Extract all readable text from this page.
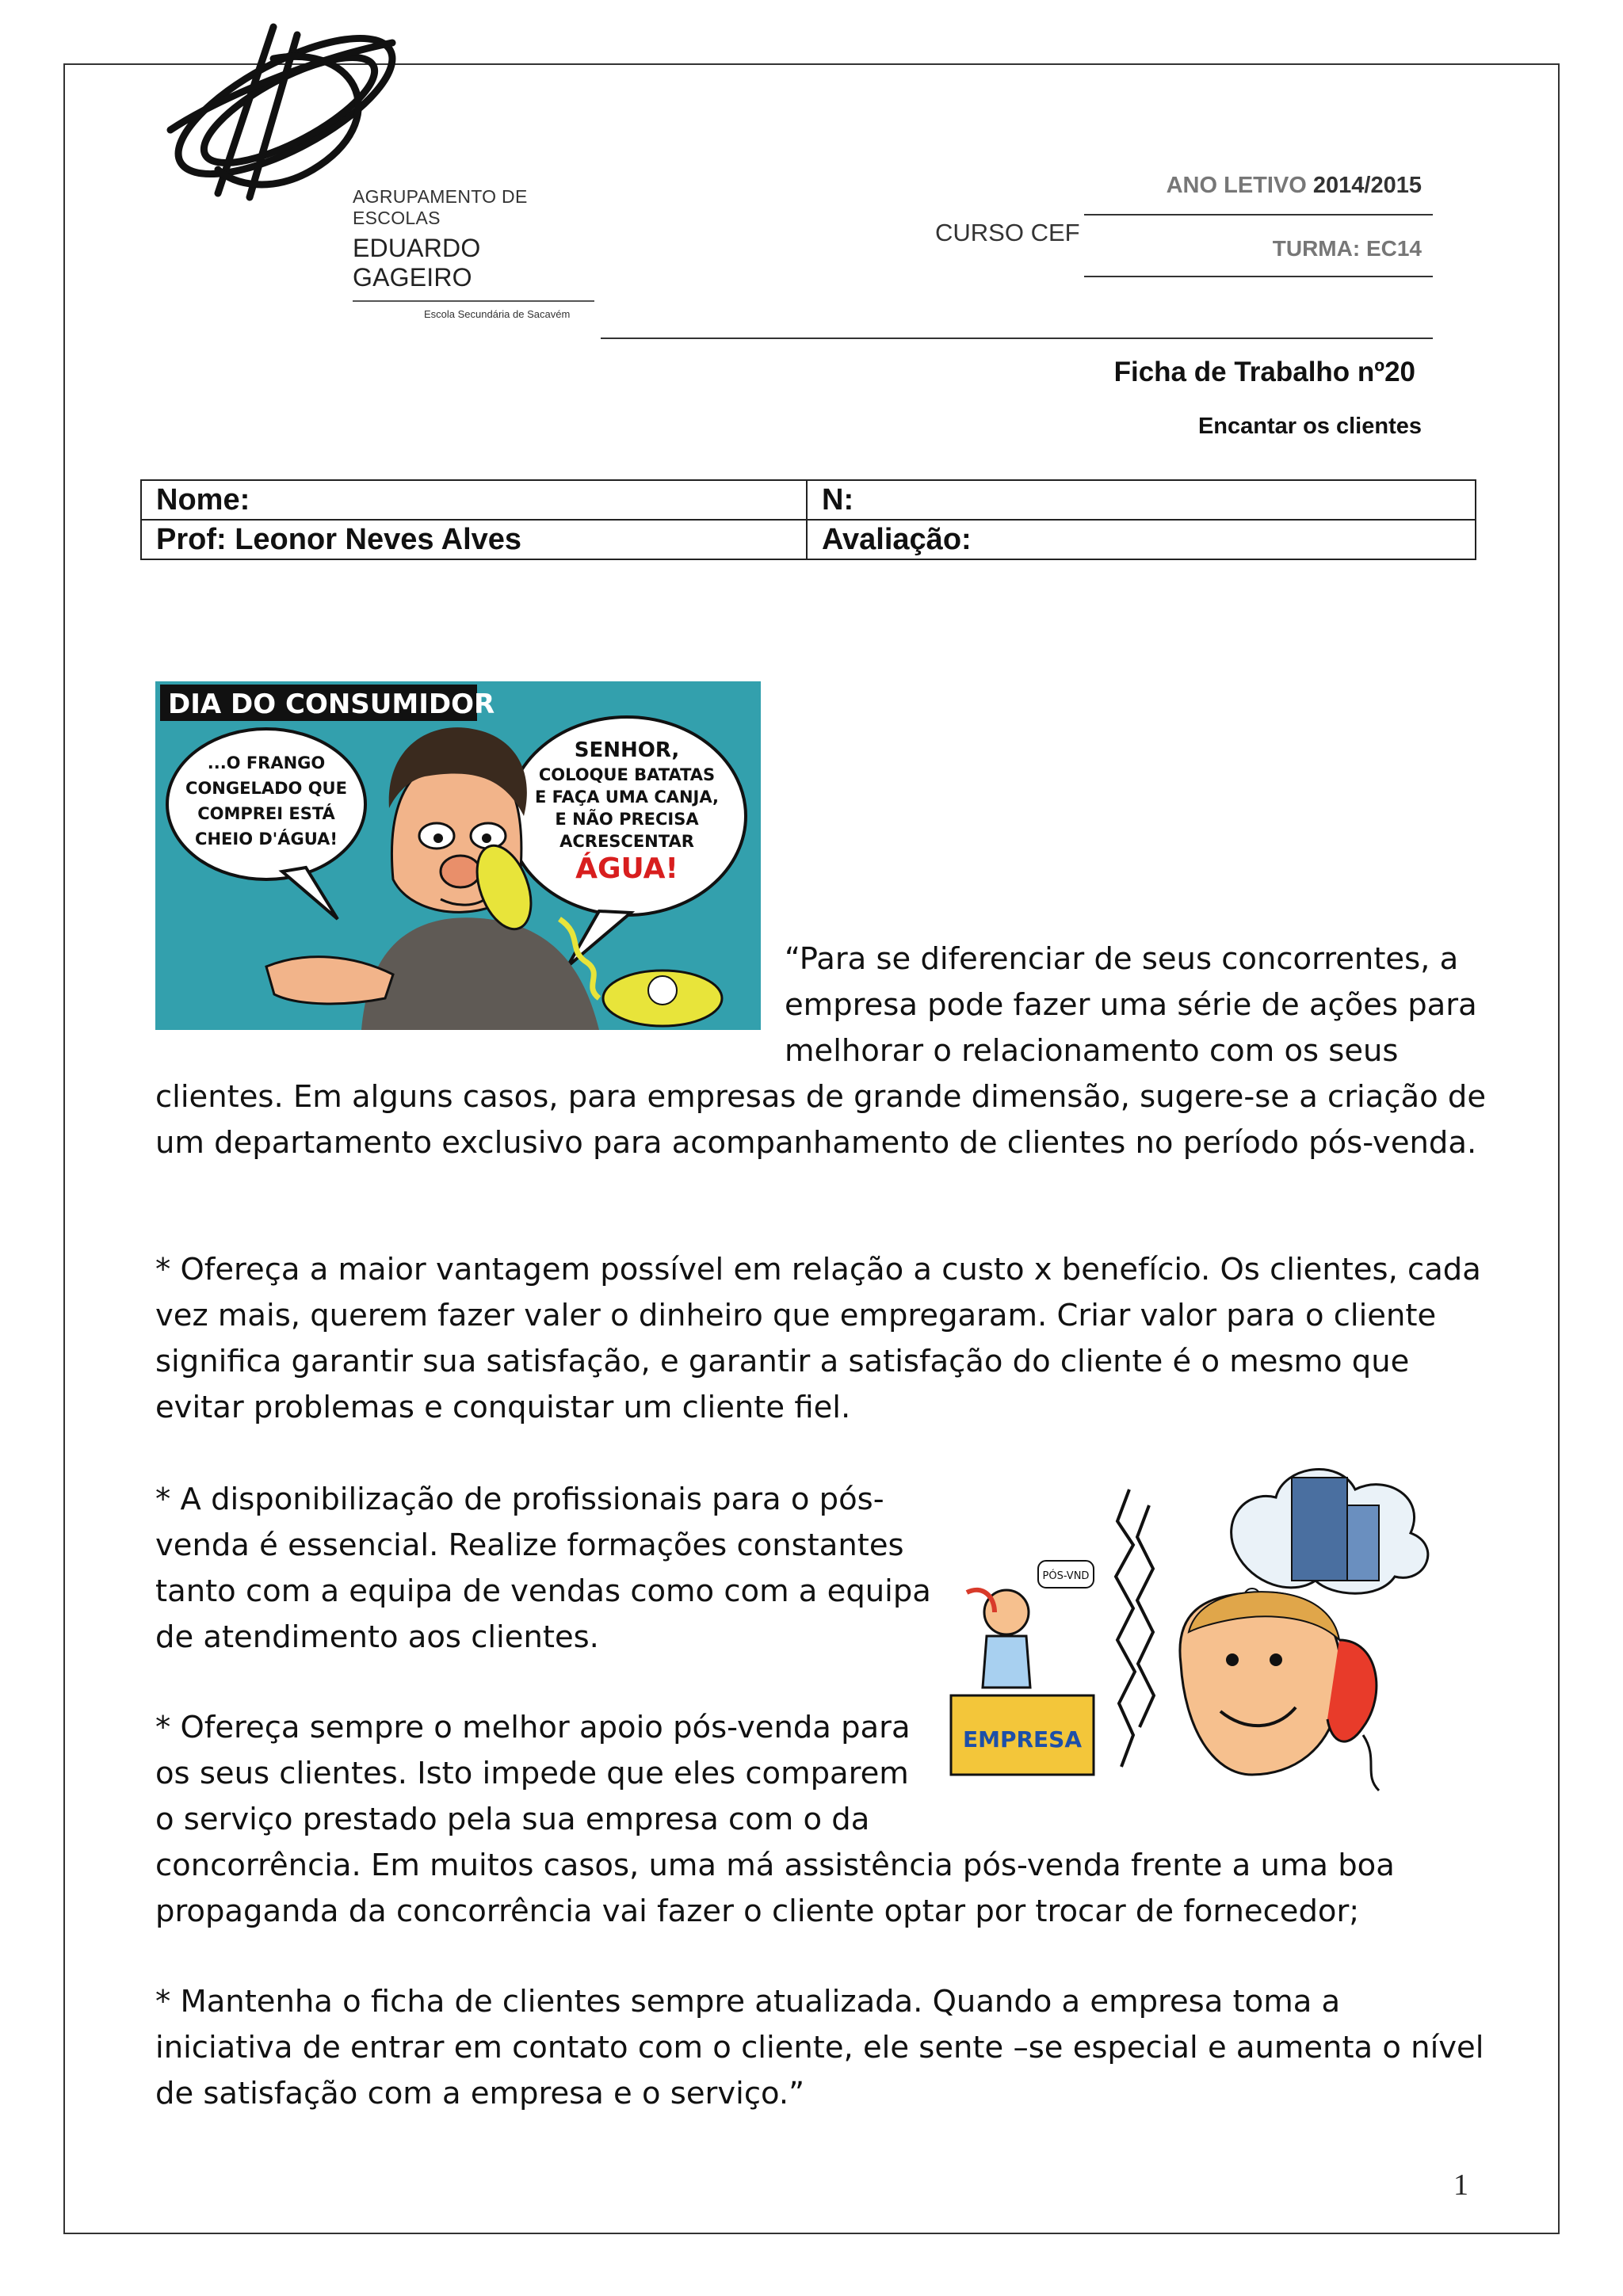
AGRUPAMENTO DE ESCOLAS
EDUARDO GAGEIRO
Escola Secundária de Sacavém
CURSO CEF
ANO LETIVO 2014/2015
TURMA: EC14
Ficha de Trabalho nº20
Encantar os clientes
Nome:	N:
Prof: Leonor Neves Alves	Avaliação:
DIA DO CONSUMIDOR
...O FRANGO
CONGELADO QUE
COMPREI ESTÁ
CHEIO D'ÁGUA!
SENHOR,
COLOQUE BATATAS
E FAÇA UMA CANJA,
E NÃO PRECISA
ACRESCENTAR
ÁGUA!
“Para se diferenciar de seus concorrentes, a
empresa pode fazer uma série de ações para
melhorar o relacionamento com os seus
clientes. Em alguns casos, para empresas de grande dimensão, sugere-se a criação de
um departamento exclusivo para acompanhamento de clientes no período pós-venda.
* Ofereça a maior vantagem possível em relação a custo x benefício. Os clientes, cada
vez mais, querem fazer valer o dinheiro que empregaram. Criar valor para o cliente
significa garantir sua satisfação, e garantir a satisfação do cliente é o mesmo que
evitar problemas e conquistar um cliente fiel.
* A disponibilização de profissionais para o pós-
venda é essencial. Realize formações constantes
tanto com a equipa de vendas como com a equipa
de atendimento aos clientes.
* Ofereça sempre o melhor apoio pós-venda para
os seus clientes. Isto impede que eles comparem
o serviço prestado pela sua empresa com o da
concorrência. Em muitos casos, uma má assistência pós-venda frente a uma boa
propaganda da concorrência vai fazer o cliente optar por trocar de fornecedor;
* Mantenha o ficha de clientes sempre atualizada. Quando a empresa toma a
iniciativa de entrar em contato com o cliente, ele sente –se especial e aumenta o nível
de satisfação com a empresa e o serviço.”
EMPRESA
PÓS-VND
1
